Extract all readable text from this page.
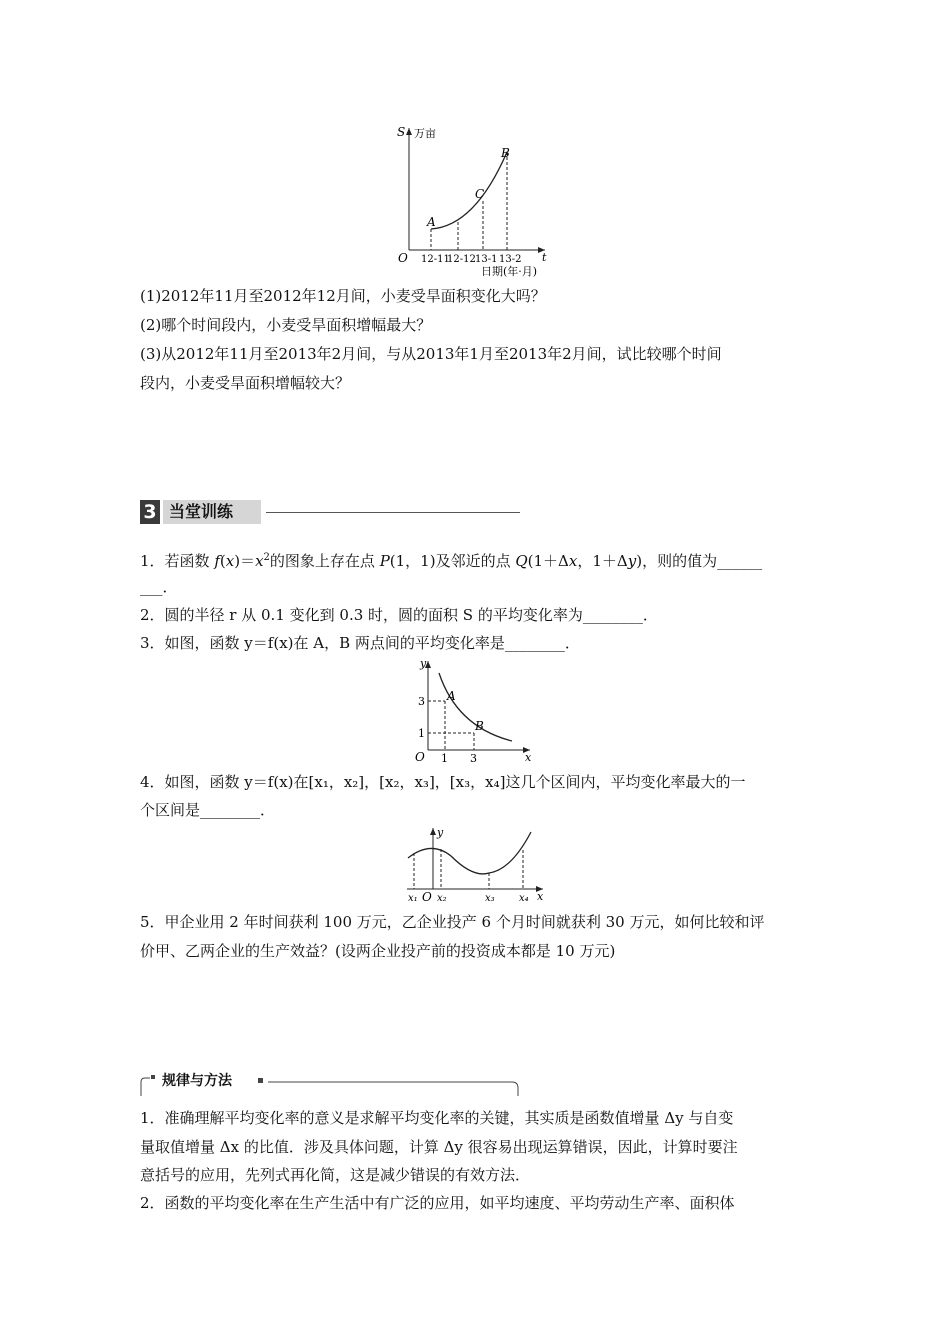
S 万亩
O	t
12-11
12-12 13-1 13-2
日期(年·月)
A
C
B
(1)2012年11月至2012年12月间，小麦受旱面积变化大吗？
(2)哪个时间段内，小麦受旱面积增幅最大？
(3)从2012年11月至2013年2月间，与从2013年1月至2013年2月间，试比较哪个时间
段内，小麦受旱面积增幅较大？
3 当堂训练
1．若函数 $f(x)=x^2$的图象上存在点 P(1，1)及邻近的点 Q(1＋Δx，1＋Δy)，则的值为______
___．
2．圆的半径 r 从 0.1 变化到 0.3 时，圆的面积 S 的平均变化率为________．
3．如图，函数 y＝f(x)在 A，B 两点间的平均变化率是________．
y
x
O
3
1
1 3
A
B
4．如图，函数 y＝f(x)在[x₁，x₂]，[x₂，x₃]，[x₃，x₄]这几个区间内，平均变化率最大的一
个区间是________．
y
x
O
x₁ x₂	x₃ x₄
5．甲企业用 2 年时间获利 100 万元，乙企业投产 6 个月时间就获利 30 万元，如何比较和评
价甲、乙两企业的生产效益？(设两企业投产前的投资成本都是 10 万元)
规律与方法
1．准确理解平均变化率的意义是求解平均变化率的关键，其实质是函数值增量 Δy 与自变
量取值增量 Δx 的比值．涉及具体问题，计算 Δy 很容易出现运算错误，因此，计算时要注
意括号的应用，先列式再化简，这是减少错误的有效方法．
2．函数的平均变化率在生产生活中有广泛的应用，如平均速度、平均劳动生产率、面积体
